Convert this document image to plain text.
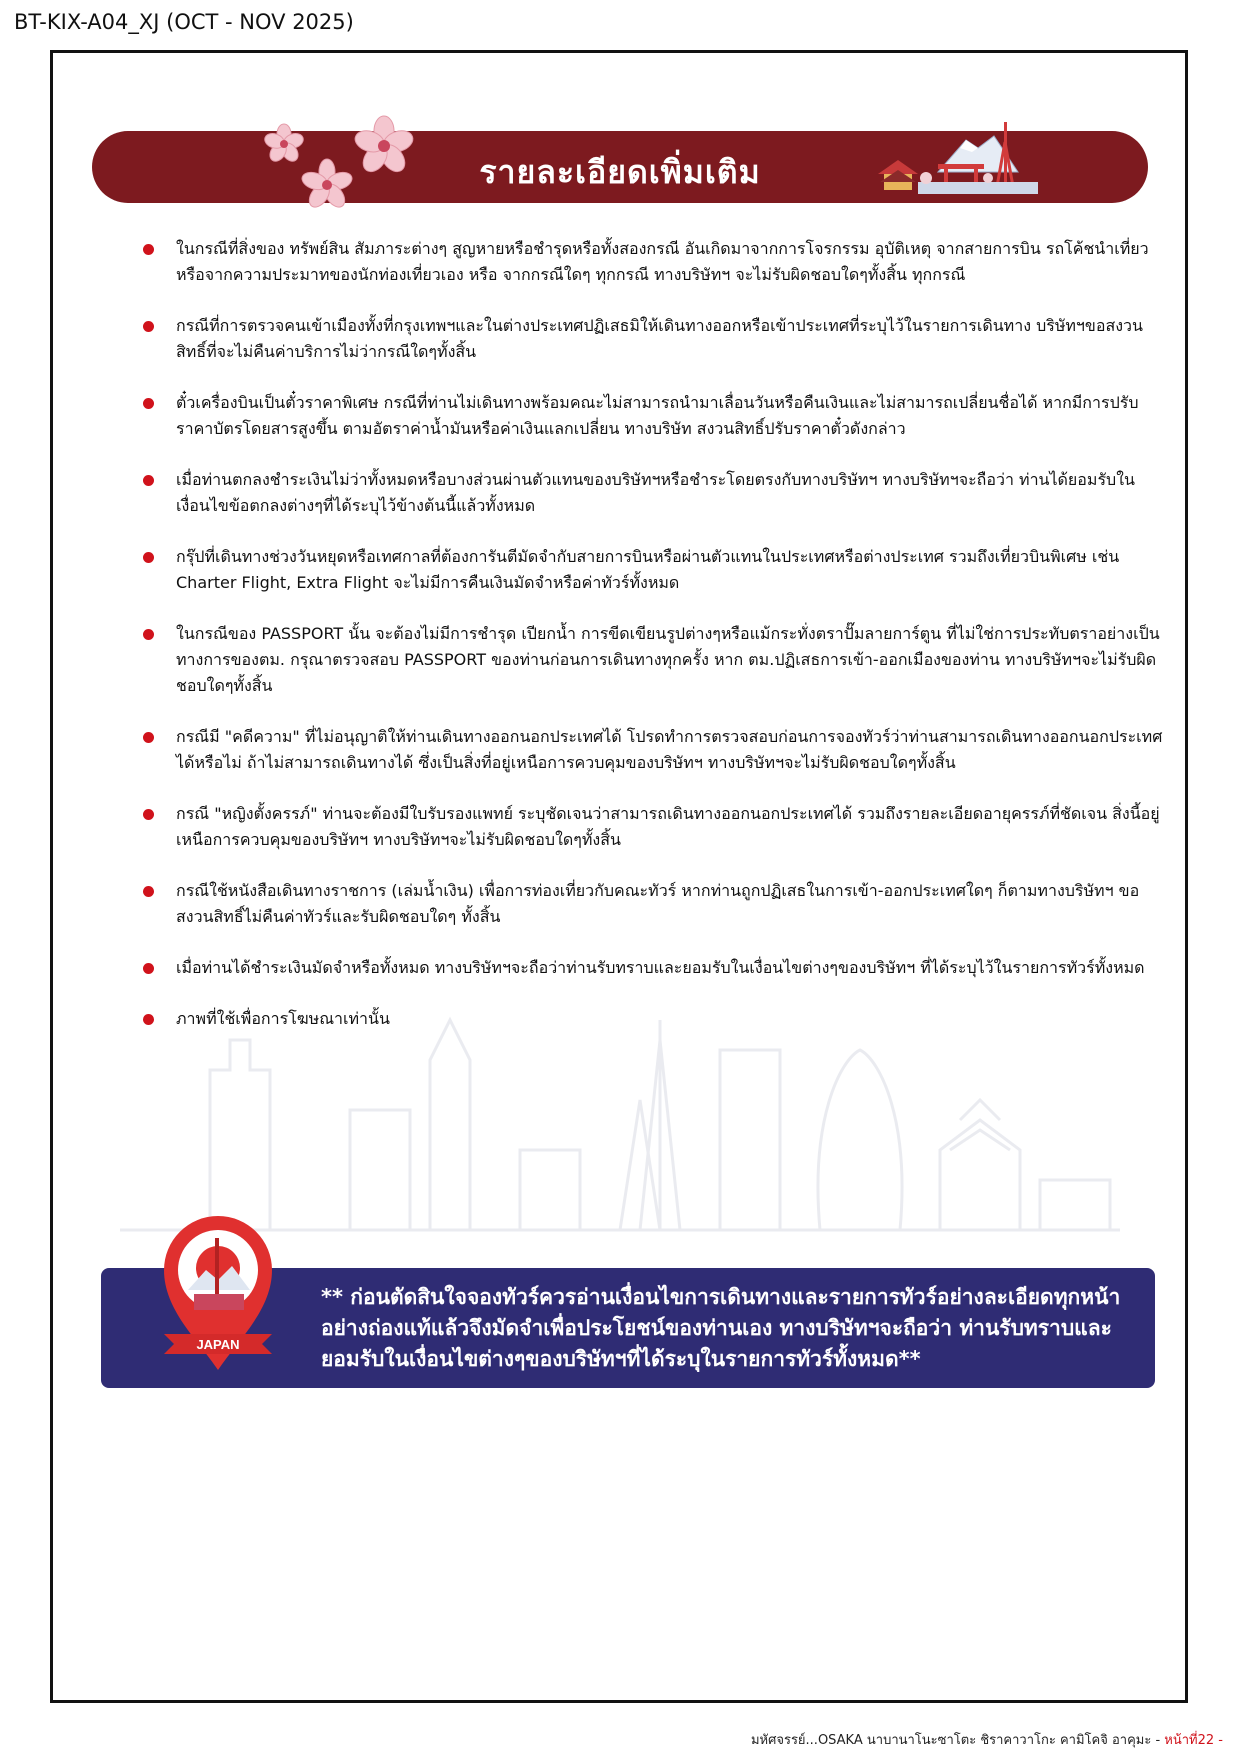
BT-KIX-A04_XJ (OCT - NOV 2025)
รายละเอียดเพิ่มเติม
ในกรณีที่สิ่งของ ทรัพย์สิน สัมภาระต่างๆ สูญหายหรือชำรุดหรือทั้งสองกรณี อันเกิดมาจากการโจรกรรม อุบัติเหตุ จากสายการบิน รถโค้ชนำเที่ยว หรือจากความประมาทของนักท่องเที่ยวเอง หรือ จากกรณีใดๆ ทุกกรณี ทางบริษัทฯ จะไม่รับผิดชอบใดๆทั้งสิ้น ทุกกรณี
กรณีที่การตรวจคนเข้าเมืองทั้งที่กรุงเทพฯและในต่างประเทศปฏิเสธมิให้เดินทางออกหรือเข้าประเทศที่ระบุไว้ในรายการเดินทาง บริษัทฯขอสงวนสิทธิ์ที่จะไม่คืนค่าบริการไม่ว่ากรณีใดๆทั้งสิ้น
ตั๋วเครื่องบินเป็นตั๋วราคาพิเศษ กรณีที่ท่านไม่เดินทางพร้อมคณะไม่สามารถนำมาเลื่อนวันหรือคืนเงินและไม่สามารถเปลี่ยนชื่อได้ หากมีการปรับราคาบัตรโดยสารสูงขึ้น ตามอัตราค่าน้ำมันหรือค่าเงินแลกเปลี่ยน ทางบริษัท สงวนสิทธิ์ปรับราคาตั๋วดังกล่าว
เมื่อท่านตกลงชำระเงินไม่ว่าทั้งหมดหรือบางส่วนผ่านตัวแทนของบริษัทฯหรือชำระโดยตรงกับทางบริษัทฯ ทางบริษัทฯจะถือว่า ท่านได้ยอมรับในเงื่อนไขข้อตกลงต่างๆที่ได้ระบุไว้ข้างต้นนี้แล้วทั้งหมด
กรุ๊ปที่เดินทางช่วงวันหยุดหรือเทศกาลที่ต้องการันตีมัดจำกับสายการบินหรือผ่านตัวแทนในประเทศหรือต่างประเทศ รวมถึงเที่ยวบินพิเศษ เช่น Charter Flight, Extra Flight จะไม่มีการคืนเงินมัดจำหรือค่าทัวร์ทั้งหมด
ในกรณีของ PASSPORT นั้น จะต้องไม่มีการชำรุด เปียกน้ำ การขีดเขียนรูปต่างๆหรือแม้กระทั่งตราปั๊มลายการ์ตูน ที่ไม่ใช่การประทับตราอย่างเป็นทางการของตม. กรุณาตรวจสอบ PASSPORT ของท่านก่อนการเดินทางทุกครั้ง หาก ตม.ปฏิเสธการเข้า-ออกเมืองของท่าน ทางบริษัทฯจะไม่รับผิดชอบใดๆทั้งสิ้น
กรณีมี "คดีความ" ที่ไม่อนุญาติให้ท่านเดินทางออกนอกประเทศได้ โปรดทำการตรวจสอบก่อนการจองทัวร์ว่าท่านสามารถเดินทางออกนอกประเทศได้หรือไม่ ถ้าไม่สามารถเดินทางได้ ซึ่งเป็นสิ่งที่อยู่เหนือการควบคุมของบริษัทฯ ทางบริษัทฯจะไม่รับผิดชอบใดๆทั้งสิ้น
กรณี "หญิงตั้งครรภ์" ท่านจะต้องมีใบรับรองแพทย์ ระบุชัดเจนว่าสามารถเดินทางออกนอกประเทศได้ รวมถึงรายละเอียดอายุครรภ์ที่ชัดเจน สิ่งนี้อยู่เหนือการควบคุมของบริษัทฯ ทางบริษัทฯจะไม่รับผิดชอบใดๆทั้งสิ้น
กรณีใช้หนังสือเดินทางราชการ (เล่มน้ำเงิน) เพื่อการท่องเที่ยวกับคณะทัวร์ หากท่านถูกปฏิเสธในการเข้า-ออกประเทศใดๆ ก็ตามทางบริษัทฯ ขอสงวนสิทธิ์ไม่คืนค่าทัวร์และรับผิดชอบใดๆ ทั้งสิ้น
เมื่อท่านได้ชำระเงินมัดจำหรือทั้งหมด ทางบริษัทฯจะถือว่าท่านรับทราบและยอมรับในเงื่อนไขต่างๆของบริษัทฯ ที่ได้ระบุไว้ในรายการทัวร์ทั้งหมด
ภาพที่ใช้เพื่อการโฆษณาเท่านั้น
** ก่อนตัดสินใจจองทัวร์ควรอ่านเงื่อนไขการเดินทางและรายการทัวร์อย่างละเอียดทุกหน้า อย่างถ่องแท้แล้วจึงมัดจำเพื่อประโยชน์ของท่านเอง ทางบริษัทฯจะถือว่า ท่านรับทราบและยอมรับในเงื่อนไขต่างๆของบริษัทฯที่ได้ระบุในรายการทัวร์ทั้งหมด**
JAPAN
มหัศจรรย์...OSAKA นาบานาโนะซาโตะ ชิราคาวาโกะ คามิโคจิ อาคุมะ - หน้าที่22 -
